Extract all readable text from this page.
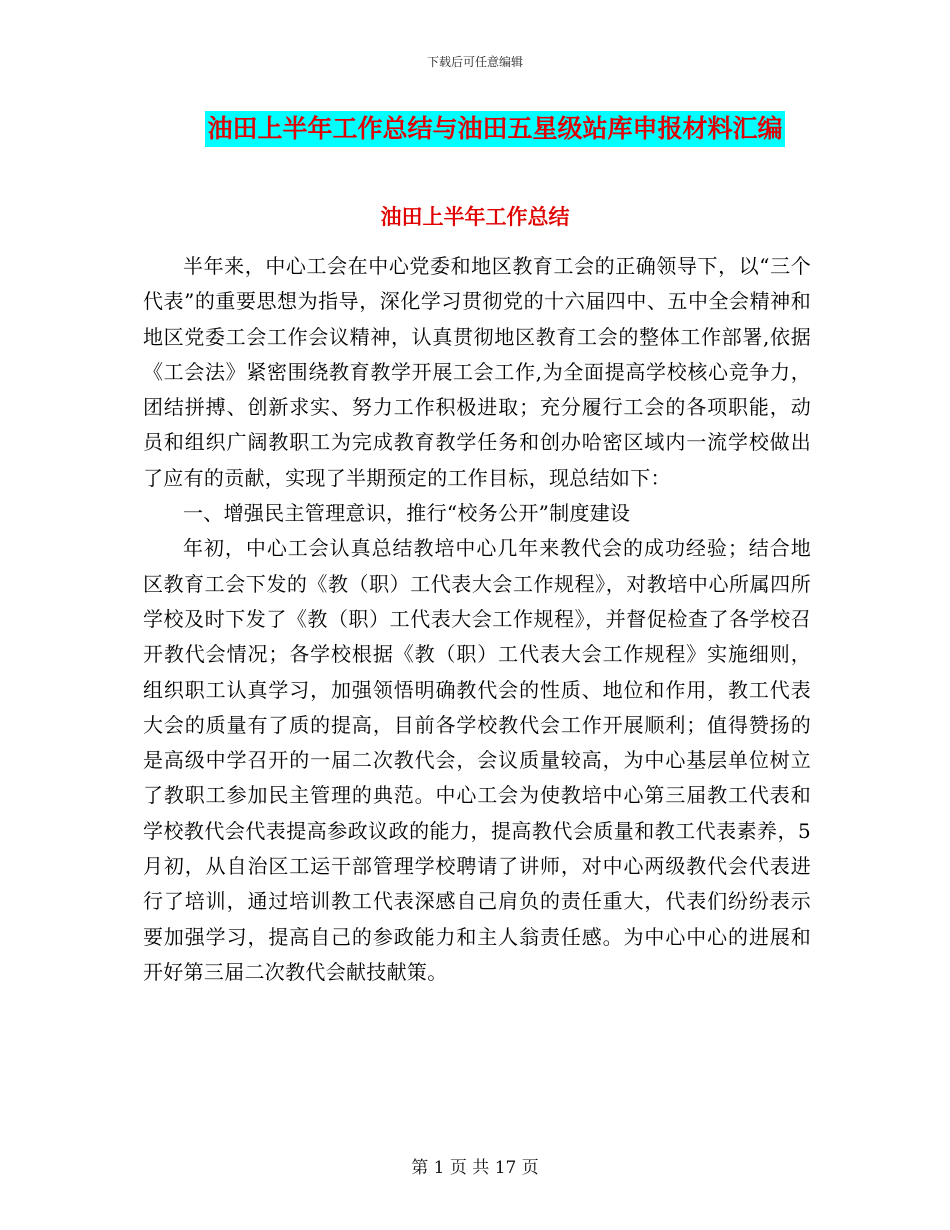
下载后可任意编辑
油田上半年工作总结与油田五星级站库申报材料汇编
油田上半年工作总结

半年来，中心工会在中心党委和地区教育工会的正确领导下，以“三个代表”的重要思想为指导，深化学习贯彻党的十六届四中、五中全会精神和地区党委工会工作会议精神，认真贯彻地区教育工会的整体工作部署,依据《工会法》紧密围绕教育教学开展工会工作,为全面提高学校核心竞争力，团结拼搏、创新求实、努力工作积极进取；充分履行工会的各项职能，动员和组织广阔教职工为完成教育教学任务和创办哈密区域内一流学校做出了应有的贡献，实现了半期预定的工作目标，现总结如下：

一、增强民主管理意识，推行“校务公开”制度建设

年初，中心工会认真总结教培中心几年来教代会的成功经验；结合地区教育工会下发的《教（职）工代表大会工作规程》，对教培中心所属四所学校及时下发了《教（职）工代表大会工作规程》，并督促检查了各学校召开教代会情况；各学校根据《教（职）工代表大会工作规程》实施细则，组织职工认真学习，加强领悟明确教代会的性质、地位和作用，教工代表大会的质量有了质的提高，目前各学校教代会工作开展顺利；值得赞扬的是高级中学召开的一届二次教代会，会议质量较高，为中心基层单位树立了教职工参加民主管理的典范。中心工会为使教培中心第三届教工代表和学校教代会代表提高参政议政的能力，提高教代会质量和教工代表素养，5月初，从自治区工运干部管理学校聘请了讲师，对中心两级教代会代表进行了培训，通过培训教工代表深感自己肩负的责任重大，代表们纷纷表示要加强学习，提高自己的参政能力和主人翁责任感。为中心中心的进展和开好第三届二次教代会献技献策。

第 1 页 共 17 页
